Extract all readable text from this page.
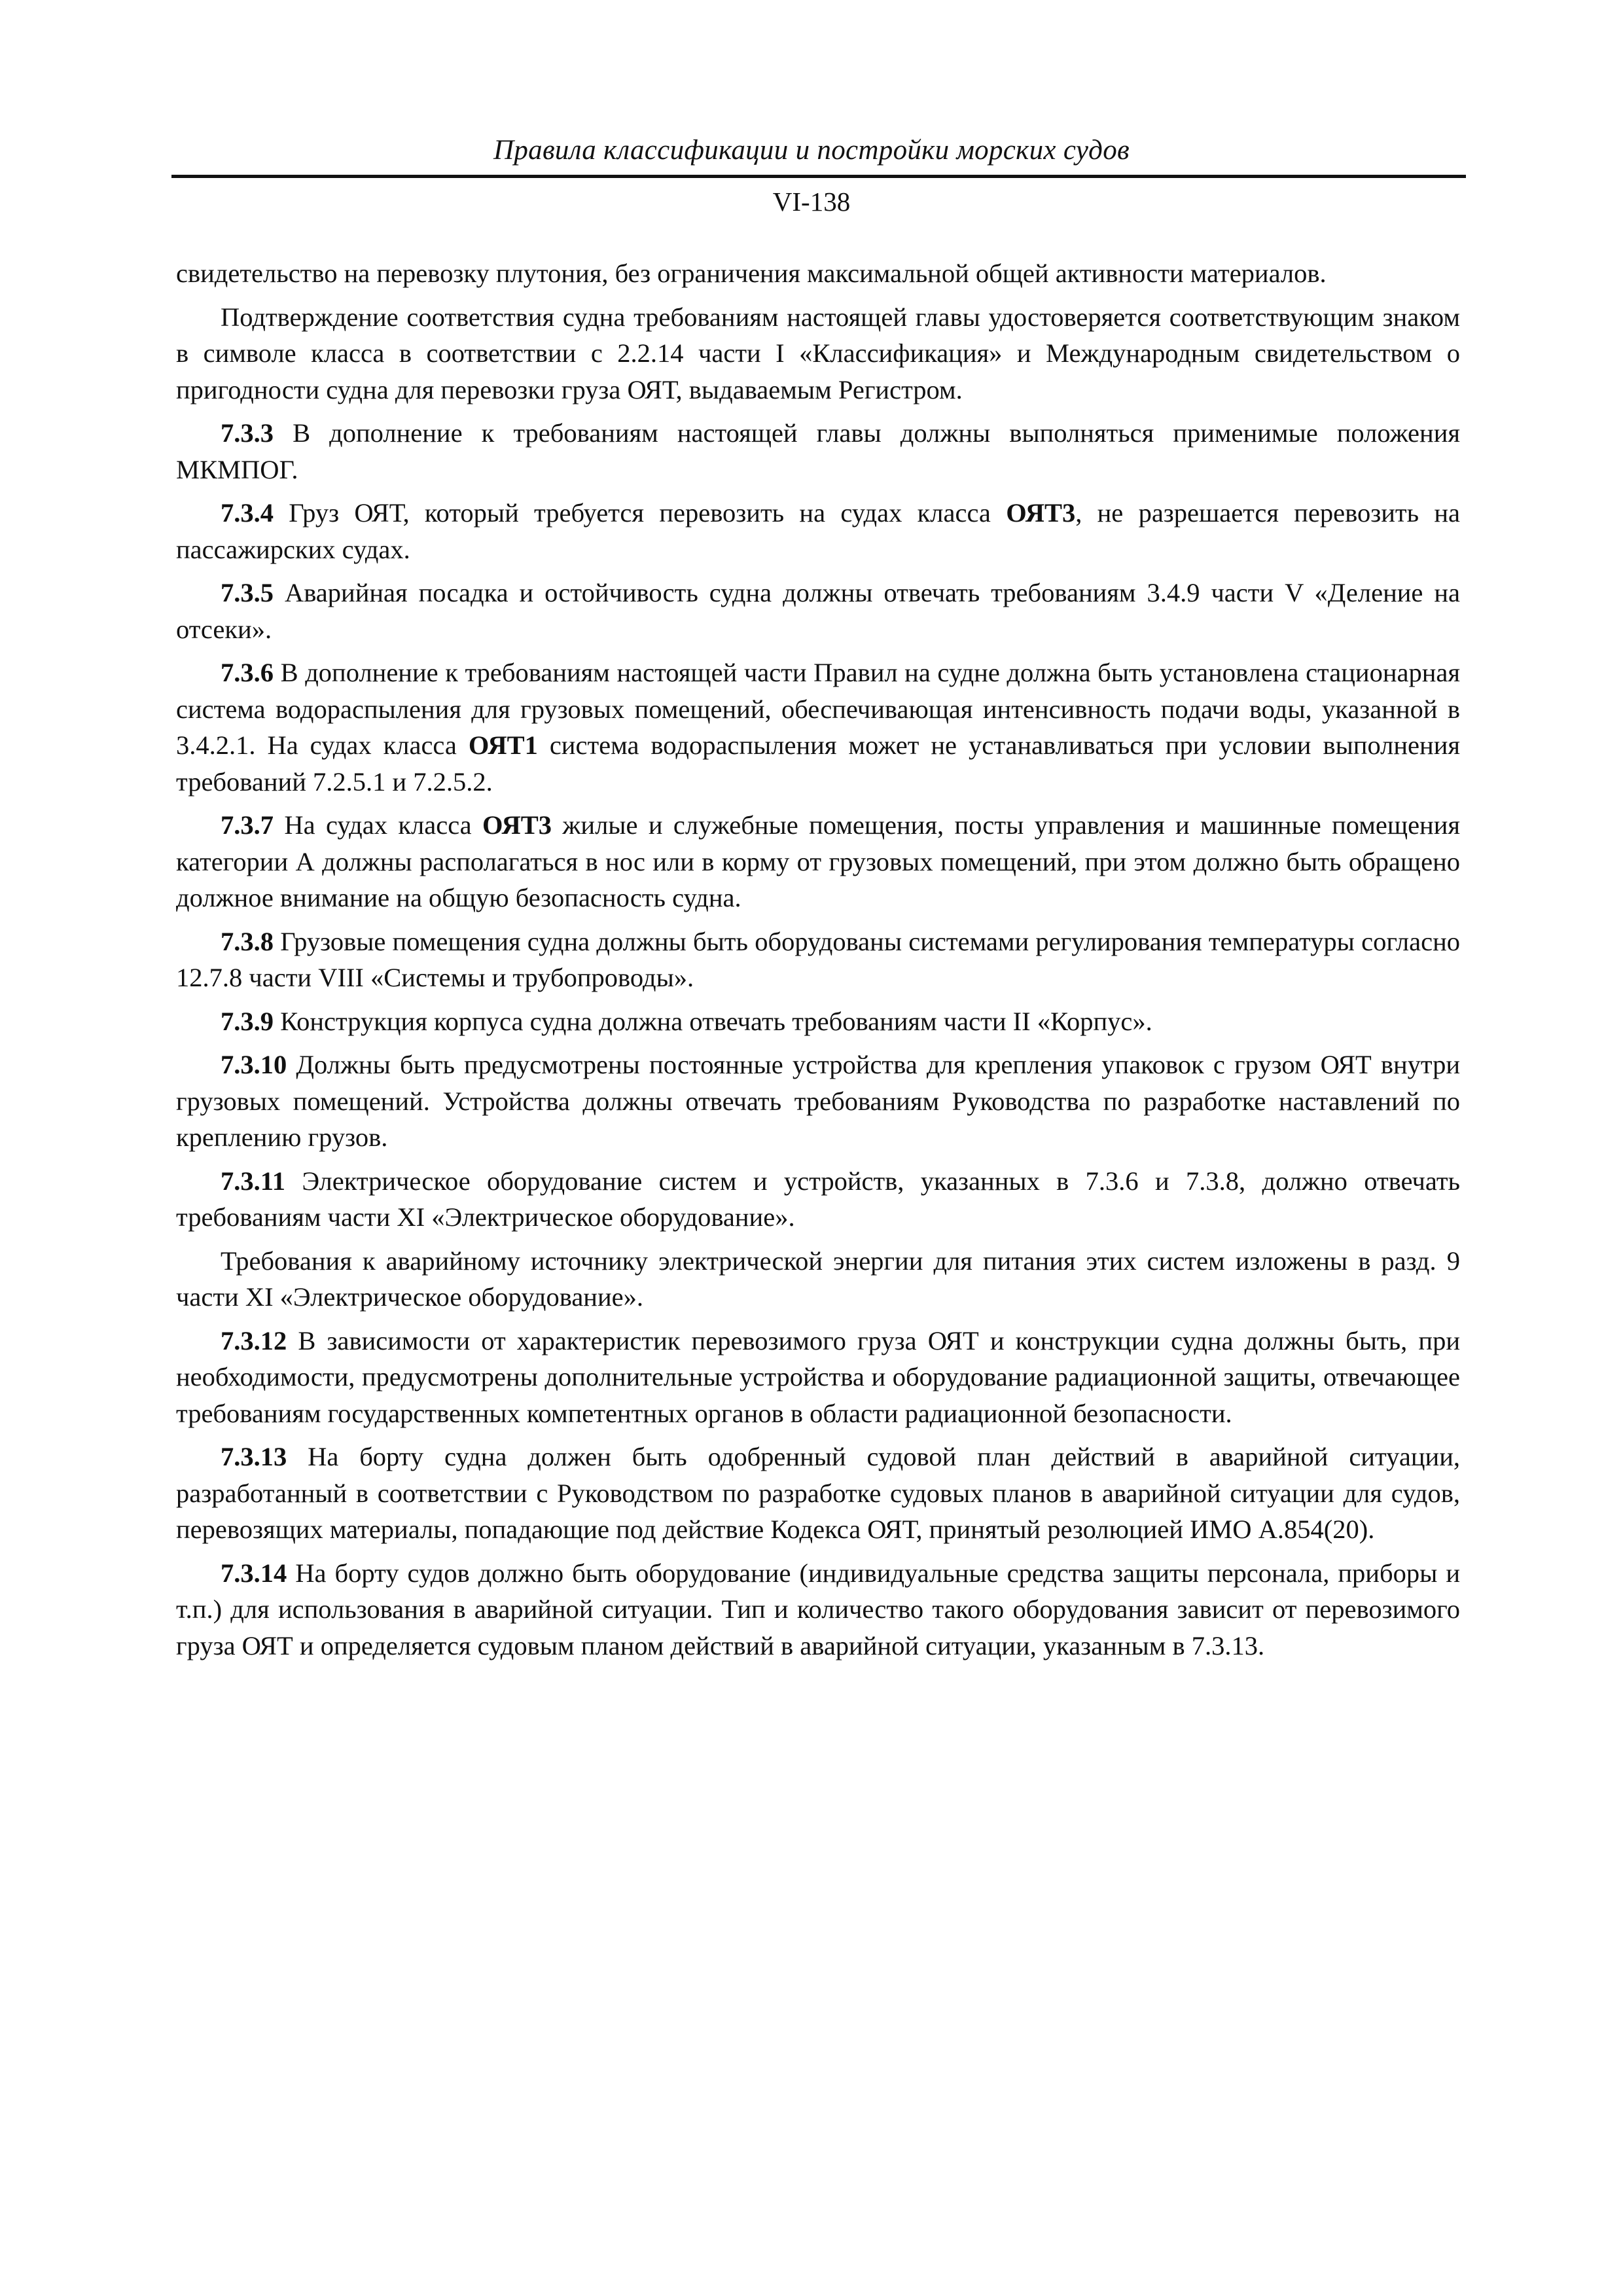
Правила классификации и постройки морских судов
VI-138

свидетельство на перевозку плутония, без ограничения максимальной общей активности материалов.

Подтверждение соответствия судна требованиям настоящей главы удостоверяется соответствующим знаком в символе класса в соответствии с 2.2.14 части I «Классификация» и Международным свидетельством о пригодности судна для перевозки груза ОЯТ, выдаваемым Регистром.

7.3.3 В дополнение к требованиям настоящей главы должны выполняться применимые положения МКМПОГ.

7.3.4 Груз ОЯТ, который требуется перевозить на судах класса ОЯТ3, не разрешается перевозить на пассажирских судах.

7.3.5 Аварийная посадка и остойчивость судна должны отвечать требованиям 3.4.9 части V «Деление на отсеки».

7.3.6 В дополнение к требованиям настоящей части Правил на судне должна быть установлена стационарная система водораспыления для грузовых помещений, обеспечивающая интенсивность подачи воды, указанной в 3.4.2.1. На судах класса ОЯТ1 система водораспыления может не устанавливаться при условии выполнения требований 7.2.5.1 и 7.2.5.2.

7.3.7 На судах класса ОЯТ3 жилые и служебные помещения, посты управления и машинные помещения категории А должны располагаться в нос или в корму от грузовых помещений, при этом должно быть обращено должное внимание на общую безопасность судна.

7.3.8 Грузовые помещения судна должны быть оборудованы системами регулирования температуры согласно 12.7.8 части VIII «Системы и трубопроводы».

7.3.9 Конструкция корпуса судна должна отвечать требованиям части II «Корпус».

7.3.10 Должны быть предусмотрены постоянные устройства для крепления упаковок с грузом ОЯТ внутри грузовых помещений. Устройства должны отвечать требованиям Руководства по разработке наставлений по креплению грузов.

7.3.11 Электрическое оборудование систем и устройств, указанных в 7.3.6 и 7.3.8, должно отвечать требованиям части XI «Электрическое оборудование».

Требования к аварийному источнику электрической энергии для питания этих систем изложены в разд. 9 части XI «Электрическое оборудование».

7.3.12 В зависимости от характеристик перевозимого груза ОЯТ и конструкции судна должны быть, при необходимости, предусмотрены дополнительные устройства и оборудование радиационной защиты, отвечающее требованиям государственных компетентных органов в области радиационной безопасности.

7.3.13 На борту судна должен быть одобренный судовой план действий в аварийной ситуации, разработанный в соответствии с Руководством по разработке судовых планов в аварийной ситуации для судов, перевозящих материалы, попадающие под действие Кодекса ОЯТ, принятый резолюцией ИМО A.854(20).

7.3.14 На борту судов должно быть оборудование (индивидуальные средства защиты персонала, приборы и т.п.) для использования в аварийной ситуации. Тип и количество такого оборудования зависит от перевозимого груза ОЯТ и определяется судовым планом действий в аварийной ситуации, указанным в 7.3.13.
